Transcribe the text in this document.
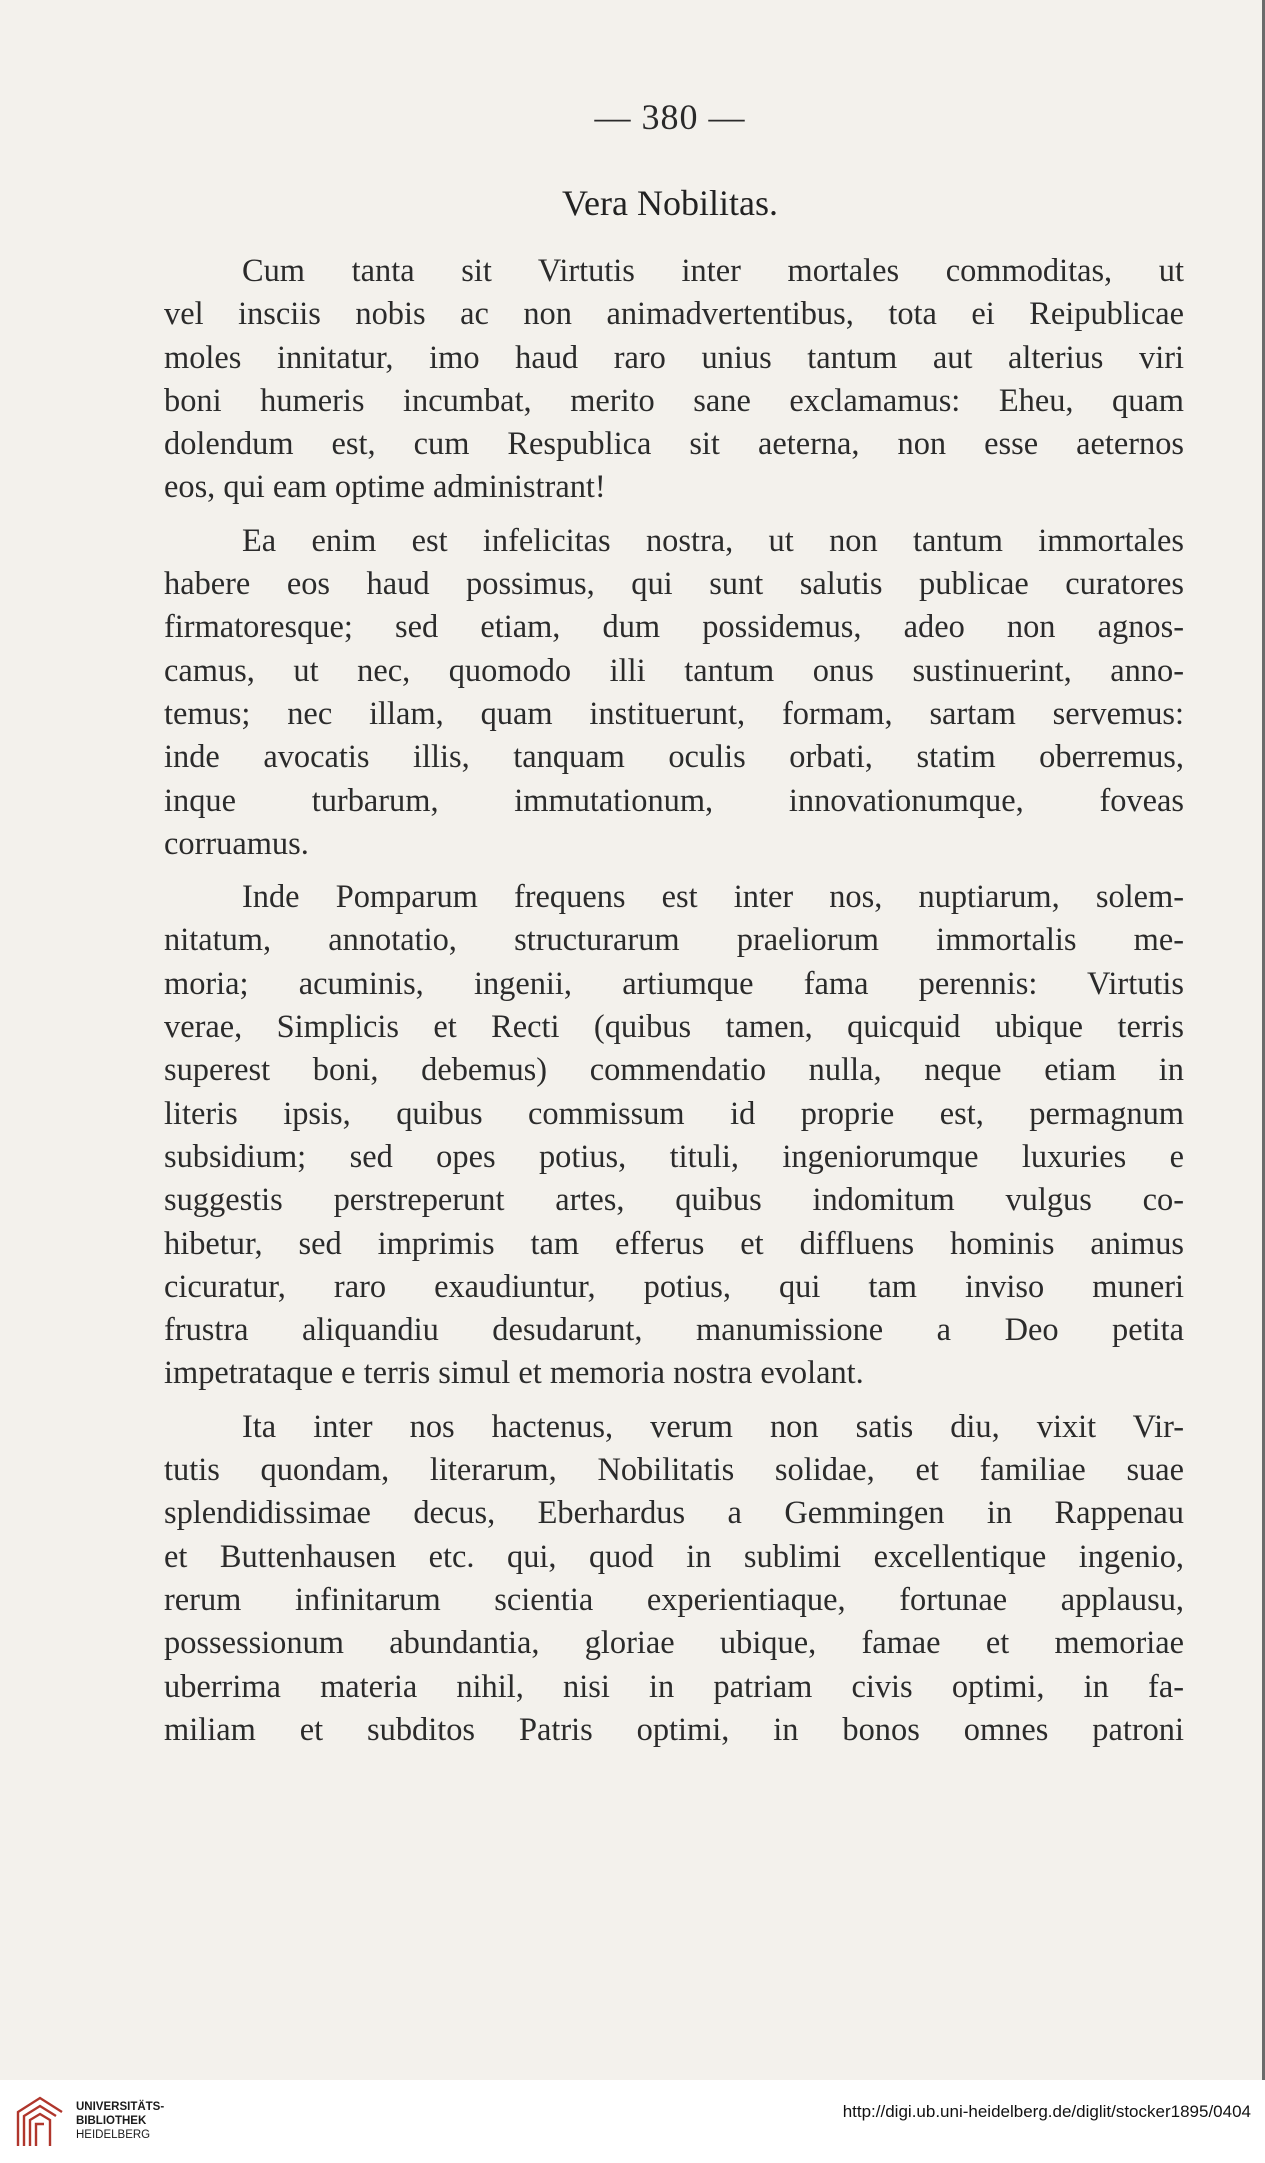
— 380 —
Vera Nobilitas.
Cum tanta sit Virtutis inter mortales commoditas, ut
vel insciis nobis ac non animadvertentibus, tota ei Reipublicae
moles innitatur, imo haud raro unius tantum aut alterius viri
boni humeris incumbat, merito sane exclamamus: Eheu, quam
dolendum est, cum Respublica sit aeterna, non esse aeternos
eos, qui eam optime administrant!
Ea enim est infelicitas nostra, ut non tantum immortales
habere eos haud possimus, qui sunt salutis publicae curatores
firmatoresque; sed etiam, dum possidemus, adeo non agnos-
camus, ut nec, quomodo illi tantum onus sustinuerint, anno-
temus; nec illam, quam instituerunt, formam, sartam servemus:
inde avocatis illis, tanquam oculis orbati, statim oberremus,
inque turbarum, immutationum, innovationumque, foveas
corruamus.
Inde Pomparum frequens est inter nos, nuptiarum, solem-
nitatum, annotatio, structurarum praeliorum immortalis me-
moria; acuminis, ingenii, artiumque fama perennis: Virtutis
verae, Simplicis et Recti (quibus tamen, quicquid ubique terris
superest boni, debemus) commendatio nulla, neque etiam in
literis ipsis, quibus commissum id proprie est, permagnum
subsidium; sed opes potius, tituli, ingeniorumque luxuries e
suggestis perstreperunt artes, quibus indomitum vulgus co-
hibetur, sed imprimis tam efferus et diffluens hominis animus
cicuratur, raro exaudiuntur, potius, qui tam inviso muneri
frustra aliquandiu desudarunt, manumissione a Deo petita
impetrataque e terris simul et memoria nostra evolant.
Ita inter nos hactenus, verum non satis diu, vixit Vir-
tutis quondam, literarum, Nobilitatis solidae, et familiae suae
splendidissimae decus, Eberhardus a Gemmingen in Rappenau
et Buttenhausen etc. qui, quod in sublimi excellentique ingenio,
rerum infinitarum scientia experientiaque, fortunae applausu,
possessionum abundantia, gloriae ubique, famae et memoriae
uberrima materia nihil, nisi in patriam civis optimi, in fa-
miliam et subditos Patris optimi, in bonos omnes patroni
UNIVERSITÄTS-
BIBLIOTHEK
HEIDELBERG
http://digi.ub.uni-heidelberg.de/diglit/stocker1895/0404
